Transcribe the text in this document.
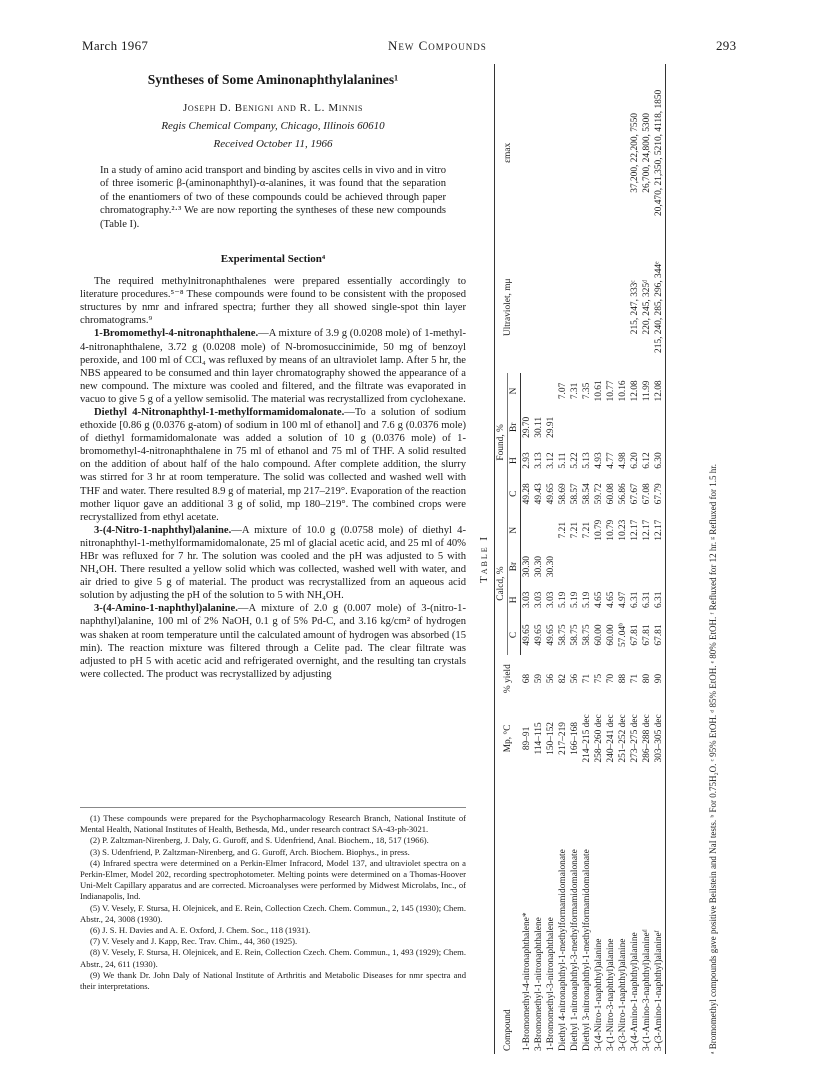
March 1967	New Compounds	293
Syntheses of Some Aminonaphthylalanines¹
Joseph D. Benigni and R. L. Minnis
Regis Chemical Company, Chicago, Illinois 60610
Received October 11, 1966
In a study of amino acid transport and binding by ascites cells in vivo and in vitro of three isomeric β-(aminonaphthyl)-α-alanines, it was found that the separation of the enantiomers of two of these compounds could be achieved through paper chromatography.²·³ We are now reporting the syntheses of these new compounds (Table I).
Experimental Section⁴

The required methylnitronaphthalenes were prepared essentially accordingly to literature procedures.⁵⁻⁸ These compounds were found to be consistent with the proposed structures by nmr and infrared spectra; further they all showed single-spot thin layer chromatograms.⁹

1-Bromomethyl-4-nitronaphthalene.—A mixture of 3.9 g (0.0208 mole) of 1-methyl-4-nitronaphthalene, 3.72 g (0.0208 mole) of N-bromosuccinimide, 50 mg of benzoyl peroxide, and 100 ml of CCl₄ was refluxed by means of an ultraviolet lamp. After 5 hr, the NBS appeared to be consumed and thin layer chromatography showed the appearance of a new compound. The mixture was cooled and filtered, and the filtrate was evaporated in vacuo to give 5 g of a yellow semisolid. The material was recrystallized from cyclohexane.

Diethyl 4-Nitronaphthyl-1-methylformamidomalonate.—To a solution of sodium ethoxide [0.86 g (0.0376 g-atom) of sodium in 100 ml of ethanol] and 7.6 g (0.0376 mole) of diethyl formamidomalonate was added a solution of 10 g (0.0376 mole) of 1-bromomethyl-4-nitronaphthalene in 75 ml of ethanol and 75 ml of THF. A solid resulted on the addition of about half of the halo compound. After complete addition, the slurry was stirred for 3 hr at room temperature. The solid was collected and washed well with THF and water. There resulted 8.9 g of material, mp 217–219°. Evaporation of the reaction mother liquor gave an additional 3 g of solid, mp 180–219°. The combined crops were recrystallized from ethyl acetate.

3-(4-Nitro-1-naphthyl)alanine.—A mixture of 10.0 g (0.0758 mole) of diethyl 4-nitronaphthyl-1-methylformamidomalonate, 25 ml of glacial acetic acid, and 25 ml of 40% HBr was refluxed for 7 hr. The solution was cooled and the pH was adjusted to 5 with NH₄OH. There resulted a yellow solid which was collected, washed well with water, and air dried to give 5 g of material. The product was recrystallized from an aqueous acid solution by adjusting the pH of the solution to 5 with NH₄OH.

3-(4-Amino-1-naphthyl)alanine.—A mixture of 2.0 g (0.007 mole) of 3-(nitro-1-naphthyl)alanine, 100 ml of 2% NaOH, 0.1 g of 5% Pd-C, and 3.16 kg/cm² of hydrogen was shaken at room temperature until the calculated amount of hydrogen was absorbed (15 min). The reaction mixture was filtered through a Celite pad. The clear filtrate was adjusted to pH 5 with acetic acid and refrigerated overnight, and the resulting tan crystals were collected. The product was recrystallized by adjusting

(1) These compounds were prepared for the Psychopharmacology Research Branch, National Institute of Mental Health, National Institutes of Health, Bethesda, Md., under research contract SA-43-ph-3021.

(2) P. Zaltzman-Nirenberg, J. Daly, G. Guroff, and S. Udenfriend, Anal. Biochem., 18, 517 (1966).

(3) S. Udenfriend, P. Zaltzman-Nirenberg, and G. Guroff, Arch. Biochem. Biophys., in press.

(4) Infrared spectra were determined on a Perkin-Elmer Infracord, Model 137, and ultraviolet spectra on a Perkin-Elmer, Model 202, recording spectrophotometer. Melting points were determined on a Thomas-Hoover Uni-Melt Capillary apparatus and are corrected. Microanalyses were performed by Midwest Microlabs, Inc., of Indianapolis, Ind.

(5) V. Vesely, F. Stursa, H. Olejnicek, and E. Rein, Collection Czech. Chem. Commun., 2, 145 (1930); Chem. Abstr., 24, 3008 (1930).

(6) J. S. H. Davies and A. E. Oxford, J. Chem. Soc., 118 (1931).

(7) V. Vesely and J. Kapp, Rec. Trav. Chim., 44, 360 (1925).

(8) V. Vesely, F. Stursa, H. Olejnicek, and E. Rein, Collection Czech. Chem. Commun., 1, 493 (1929); Chem. Abstr., 24, 611 (1930).

(9) We thank Dr. John Daly of National Institute of Arthritis and Metabolic Diseases for nmr spectra and their interpretations.

Table I
Compound	Mp, °C	% yield	Calcd, %				Found, %				Ultraviolet, mμ	εmax
			C	H	Br	N	C	H	Br	N		
1-Bromomethyl-4-nitronaphthalene*	89–91	68	49.65	3.03	30.30		49.28	2.93	29.70			
3-Bromomethyl-1-nitronaphthalene	114–115	59	49.65	3.03	30.30		49.43	3.13	30.11			
1-Bromomethyl-3-nitronaphthalene	150–152	56	49.65	3.03	30.30		49.65	3.12	29.91			
Diethyl 4-nitronaphthyl-1-methylformamidomalonate	217–219	82	58.75	5.19		7.21	58.69	5.11		7.07		
Diethyl 1-nitronaphthyl-3-methylformamidomalonate	166–168	56	58.75	5.19		7.21	58.57	5.22		7.31		
Diethyl 3-nitronaphthyl-1-methylformamidomalonate	214–215 dec	71	58.75	5.19		7.21	58.54	5.13		7.35		
3-(4-Nitro-1-naphthyl)alanine	258–260 dec	75	60.00	4.65		10.79	59.72	4.93		10.61		
3-(1-Nitro-3-naphthyl)alanine	240–241 dec	70	60.00	4.65		10.79	60.08	4.77		10.77		
3-(3-Nitro-1-naphthyl)alanine	251–252 dec	88	57.04ᵇ	4.97		10.23	56.86	4.98		10.16		
3-(4-Amino-1-naphthyl)alanine	273–275 dec	71	67.81	6.31		12.17	67.67	6.20		12.08	215, 247, 333ᶜ	37,200, 22,200, 7550
3-(1-Amino-3-naphthyl)alanineᵈ	286–288 dec	80	67.81	6.31		12.17	67.08	6.12		11.99	220, 245, 325ᵈ	26,700, 24,800, 5300
3-(3-Amino-1-naphthyl)alanineᶠ	303–305 dec	90	67.81	6.31		12.17	67.79	6.30		12.08	215, 240, 285, 296, 344ᵉ	20,470, 21,350, 5210, 4118, 1850
ᵃ Bromomethyl compounds gave positive Beilstein and NaI tests. ᵇ For 0.75H₂O. ᶜ 95% EtOH. ᵈ 85% EtOH. ᵉ 80% EtOH. ᶠ Refluxed for 12 hr. ᵍ Refluxed for 1.5 hr.
